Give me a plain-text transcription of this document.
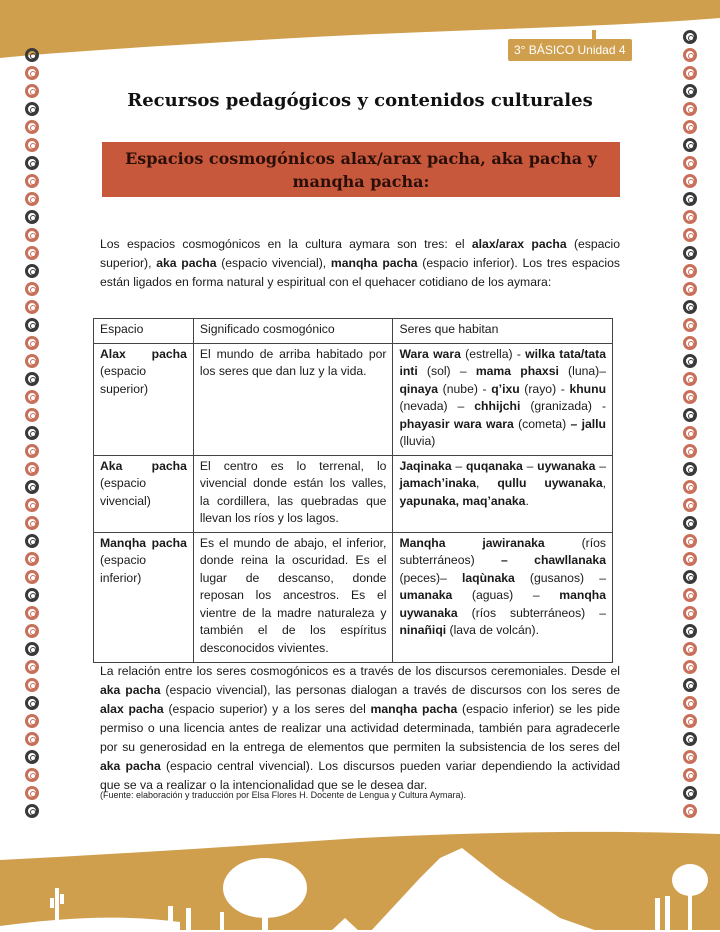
3° BÁSICO Unidad 4
Recursos pedagógicos y contenidos culturales
Espacios cosmogónicos alax/arax pacha, aka pacha y
manqha pacha:

Los espacios cosmogónicos en la cultura aymara son tres: el alax/arax pacha (espacio superior), aka pacha (espacio vivencial), manqha pacha (espacio inferior). Los tres espacios están ligados en forma natural y espiritual con el quehacer cotidiano de los aymara:

Espacio	Significado cosmogónico	Seres que habitan
Alax pacha (espacio superior)	El mundo de arriba habitado por los seres que dan luz y la vida.	Wara wara (estrella) - wilka tata/tata inti (sol) – mama phaxsi (luna)– qinaya (nube) - q’ixu (rayo) - khunu (nevada) – chhijchi (granizada) - phayasir wara wara (cometa) – jallu (lluvia)
Aka pacha (espacio vivencial)	El centro es lo terrenal, lo vivencial donde están los valles, la cordillera, las quebradas que llevan los ríos y los lagos.	Jaqinaka – quqanaka – uywanaka – jamach’inaka, qullu uywanaka, yapunaka, maq’anaka.
Manqha pacha (espacio inferior)	Es el mundo de abajo, el inferior, donde reina la oscuridad. Es el lugar de descanso, donde reposan los ancestros. Es el vientre de la madre naturaleza y también el de los espíritus desconocidos vivientes.	Manqha jawiranaka (ríos subterráneos) – chawllanaka (peces)– laqùnaka (gusanos) – umanaka (aguas) – manqha uywanaka (ríos subterráneos) – ninañiqi (lava de volcán).

La relación entre los seres cosmogónicos es a través de los discursos ceremoniales. Desde el aka pacha (espacio vivencial), las personas dialogan a través de discursos con los seres de alax pacha (espacio superior) y a los seres del manqha pacha (espacio inferior) se les pide permiso o una licencia antes de realizar una actividad determinada, también para agradecerle por su generosidad en la entrega de elementos que permiten la subsistencia de los seres del aka pacha (espacio central vivencial). Los discursos pueden variar dependiendo la actividad que se va a realizar o la intencionalidad que se le desea dar.

(Fuente: elaboración y traducción por Elsa Flores H. Docente de Lengua y Cultura Aymara).
